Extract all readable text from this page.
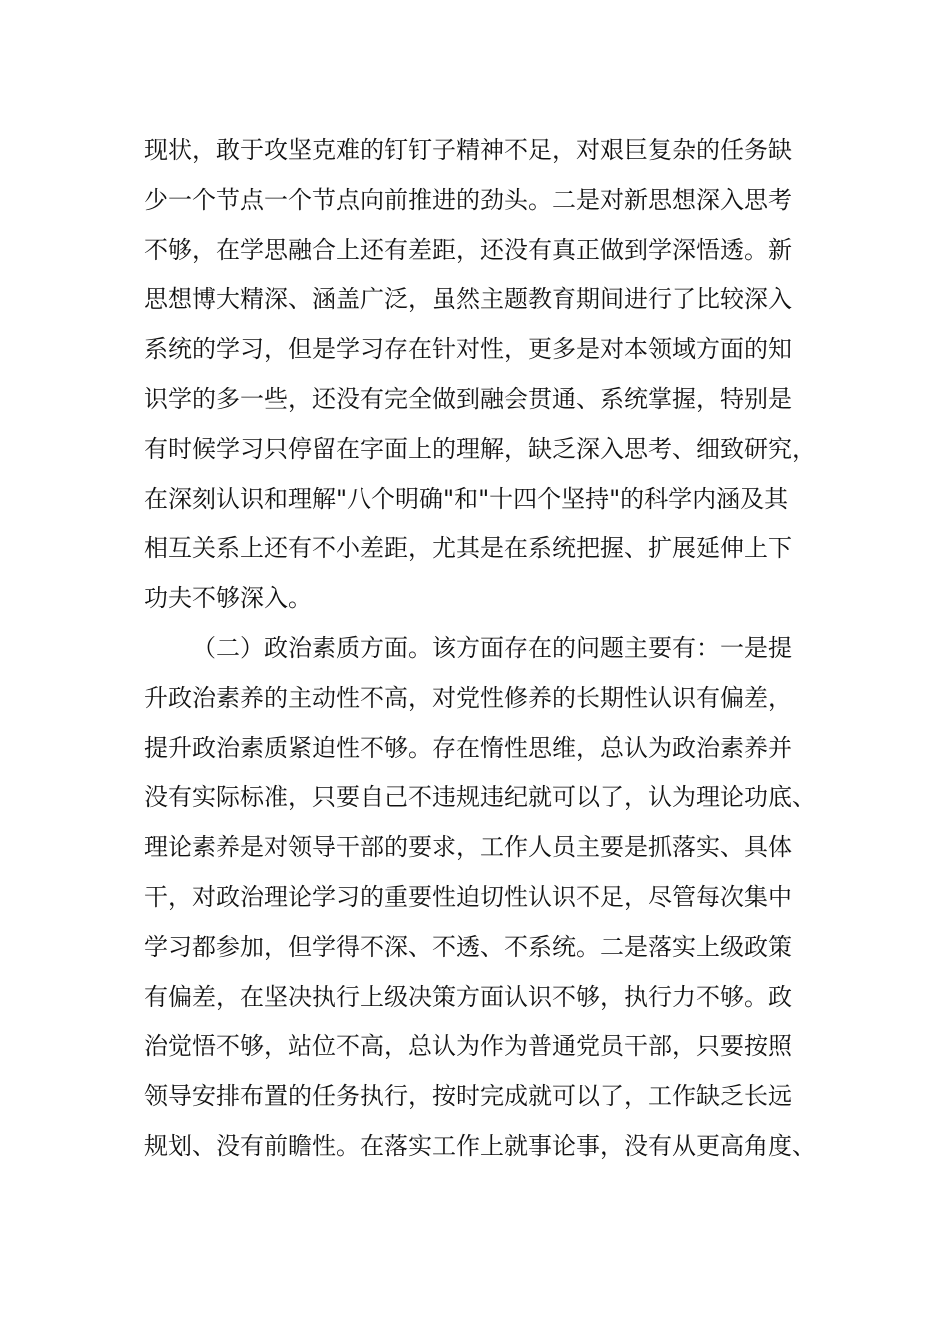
现状，敢于攻坚克难的钉钉子精神不足，对艰巨复杂的任务缺
少一个节点一个节点向前推进的劲头。二是对新思想深入思考
不够，在学思融合上还有差距，还没有真正做到学深悟透。新
思想博大精深、涵盖广泛，虽然主题教育期间进行了比较深入
系统的学习，但是学习存在针对性，更多是对本领域方面的知
识学的多一些，还没有完全做到融会贯通、系统掌握，特别是
有时候学习只停留在字面上的理解，缺乏深入思考、细致研究，
在深刻认识和理解"八个明确"和"十四个坚持"的科学内涵及其
相互关系上还有不小差距，尤其是在系统把握、扩展延伸上下
功夫不够深入。
（二）政治素质方面。该方面存在的问题主要有：一是提
升政治素养的主动性不高，对党性修养的长期性认识有偏差，
提升政治素质紧迫性不够。存在惰性思维，总认为政治素养并
没有实际标准，只要自己不违规违纪就可以了，认为理论功底、
理论素养是对领导干部的要求，工作人员主要是抓落实、具体
干，对政治理论学习的重要性迫切性认识不足，尽管每次集中
学习都参加，但学得不深、不透、不系统。二是落实上级政策
有偏差，在坚决执行上级决策方面认识不够，执行力不够。政
治觉悟不够，站位不高，总认为作为普通党员干部，只要按照
领导安排布置的任务执行，按时完成就可以了，工作缺乏长远
规划、没有前瞻性。在落实工作上就事论事，没有从更高角度、
